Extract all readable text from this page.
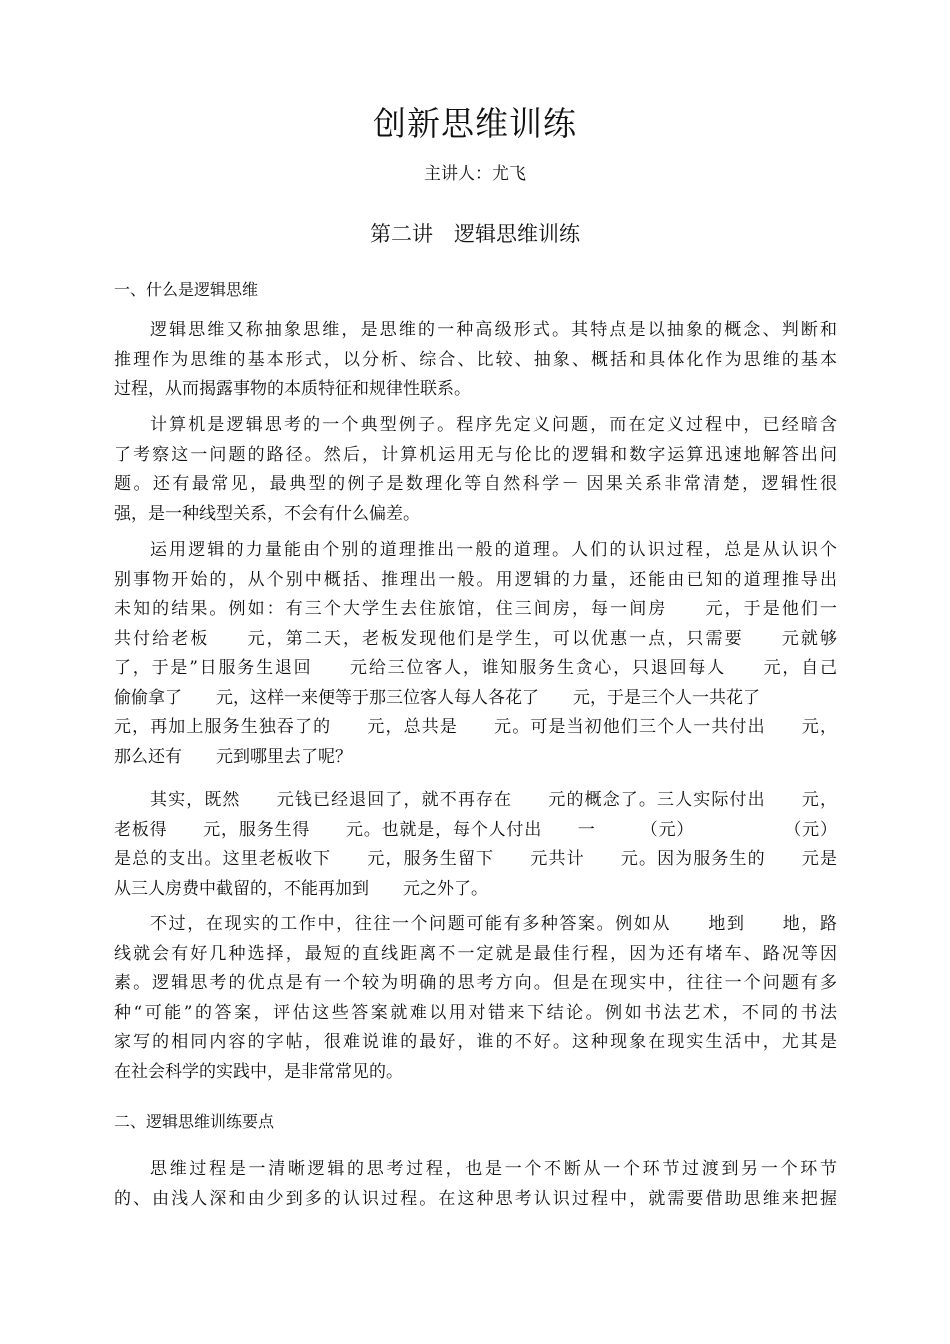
创新思维训练
主讲人：尤飞
第二讲　逻辑思维训练
一、什么是逻辑思维
逻辑思维又称抽象思维，是思维的一种高级形式。其特点是以抽象的概念、判断和
推理作为思维的基本形式，以分析、综合、比较、抽象、概括和具体化作为思维的基本
过程，从而揭露事物的本质特征和规律性联系。
计算机是逻辑思考的一个典型例子。程序先定义问题，而在定义过程中，已经暗含
了考察这一问题的路径。然后，计算机运用无与伦比的逻辑和数字运算迅速地解答出问
题。还有最常见，最典型的例子是数理化等自然科学－ 因果关系非常清楚，逻辑性很
强，是一种线型关系，不会有什么偏差。
运用逻辑的力量能由个别的道理推出一般的道理。人们的认识过程，总是从认识个
别事物开始的，从个别中概括、推理出一般。用逻辑的力量，还能由已知的道理推导出
未知的结果。例如：有三个大学生去住旅馆，住三间房，每一间房　　元，于是他们一
共付给老板　　元，第二天，老板发现他们是学生，可以优惠一点，只需要　　元就够
了，于是”日服务生退回　　元给三位客人，谁知服务生贪心，只退回每人　　元，自己
偷偷拿了　　元，这样一来便等于那三位客人每人各花了　　元，于是三个人一共花了
元，再加上服务生独吞了的　　元，总共是　　元。可是当初他们三个人一共付出　　元，
那么还有　　元到哪里去了呢？
其实，既然　　元钱已经退回了，就不再存在　　元的概念了。三人实际付出　　元，
老板得　　元，服务生得　　元。也就是，每个人付出　　一　　　（元）　　　　　　（元）
是总的支出。这里老板收下　　元，服务生留下　　元共计　　元。因为服务生的　　元是
从三人房费中截留的，不能再加到　　元之外了。
不过，在现实的工作中，往往一个问题可能有多种答案。例如从　　地到　　地，路
线就会有好几种选择，最短的直线距离不一定就是最佳行程，因为还有堵车、路况等因
素。逻辑思考的优点是有一个较为明确的思考方向。但是在现实中，往往一个问题有多
种“可能”的答案，评估这些答案就难以用对错来下结论。例如书法艺术，不同的书法
家写的相同内容的字帖，很难说谁的最好，谁的不好。这种现象在现实生活中，尤其是
在社会科学的实践中，是非常常见的。
二、逻辑思维训练要点
思维过程是一清晰逻辑的思考过程，也是一个不断从一个环节过渡到另一个环节
的、由浅人深和由少到多的认识过程。在这种思考认识过程中，就需要借助思维来把握
